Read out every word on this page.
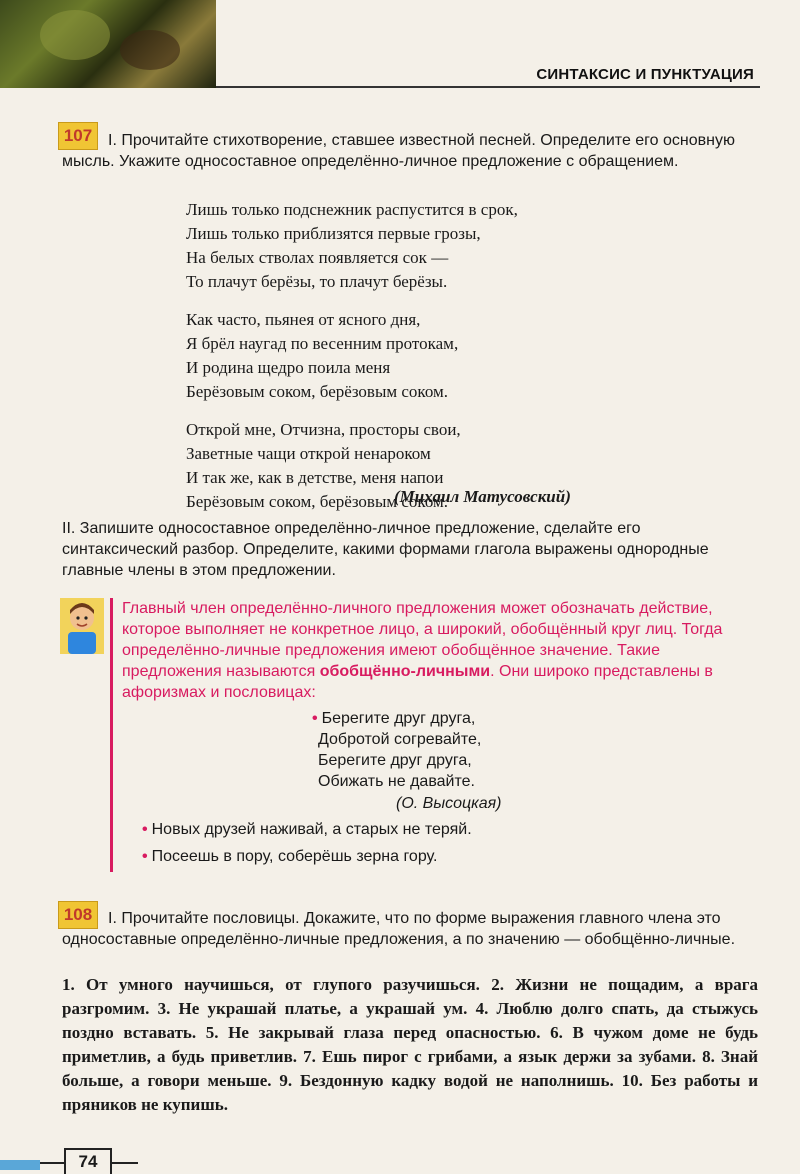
СИНТАКСИС И ПУНКТУАЦИЯ
107 I. Прочитайте стихотворение, ставшее известной песней. Определите его основную мысль. Укажите односоставное определённо-личное предложение с обращением.
Лишь только подснежник распустится в срок,
Лишь только приблизятся первые грозы,
На белых стволах появляется сок —
То плачут берёзы, то плачут берёзы.
Как часто, пьянея от ясного дня,
Я брёл наугад по весенним протокам,
И родина щедро поила меня
Берёзовым соком, берёзовым соком.
Открой мне, Отчизна, просторы свои,
Заветные чащи открой ненароком
И так же, как в детстве, меня напои
Берёзовым соком, берёзовым соком.
(Михаил Матусовский)
II. Запишите односоставное определённо-личное предложение, сделайте его синтаксический разбор. Определите, какими формами глагола выражены однородные главные члены в этом предложении.
Главный член определённо-личного предложения может обозначать действие, которое выполняет не конкретное лицо, а широкий, обобщённый круг лиц. Тогда определённо-личные предложения имеют обобщённое значение. Такие предложения называются обобщённо-личными. Они широко представлены в афоризмах и пословицах:
• Берегите друг друга,
Добротой согревайте,
Берегите друг друга,
Обижать не давайте.
(О. Высоцкая)
• Новых друзей наживай, а старых не теряй.
• Посеешь в пору, соберёшь зерна гору.
108 I. Прочитайте пословицы. Докажите, что по форме выражения главного члена это односоставные определённо-личные предложения, а по значению — обобщённо-личные.
1. От умного научишься, от глупого разучишься. 2. Жизни не пощадим, а врага разгромим. 3. Не украшай платье, а украшай ум. 4. Люблю долго спать, да стыжусь поздно вставать. 5. Не закрывай глаза перед опасностью. 6. В чужом доме не будь приметлив, а будь приветлив. 7. Ешь пирог с грибами, а язык держи за зубами. 8. Знай больше, а говори меньше. 9. Бездонную кадку водой не наполнишь. 10. Без работы и пряников не купишь.
74
